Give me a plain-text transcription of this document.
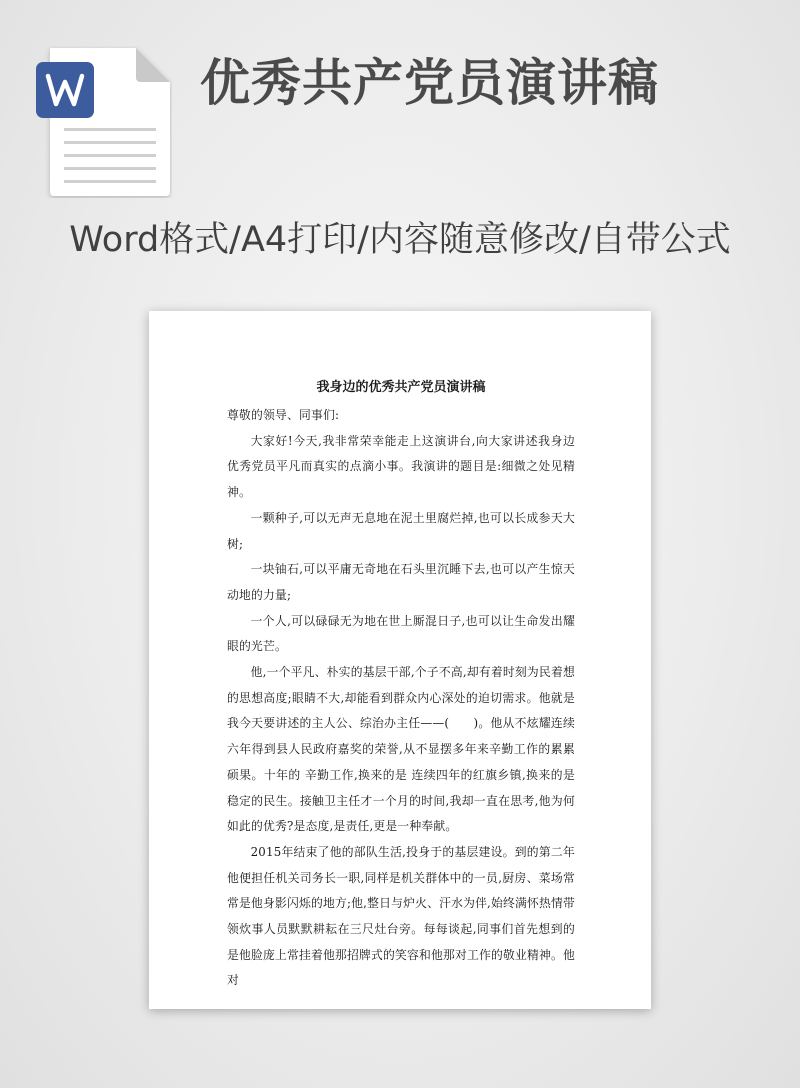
优秀共产党员演讲稿
Word格式/A4打印/内容随意修改/自带公式
我身边的优秀共产党员演讲稿

尊敬的领导、同事们:

大家好!今天,我非常荣幸能走上这演讲台,向大家讲述我身边优秀党员平凡而真实的点滴小事。我演讲的题目是:细微之处见精神。

一颗种子,可以无声无息地在泥土里腐烂掉,也可以长成参天大树;

一块铀石,可以平庸无奇地在石头里沉睡下去,也可以产生惊天动地的力量;

一个人,可以碌碌无为地在世上厮混日子,也可以让生命发出耀眼的光芒。

他,一个平凡、朴实的基层干部,个子不高,却有着时刻为民着想的思想高度;眼睛不大,却能看到群众内心深处的迫切需求。他就是我今天要讲述的主人公、综治办主任——(　　)。他从不炫耀连续六年得到县人民政府嘉奖的荣誉,从不显摆多年来辛勤工作的累累硕果。十年的 辛勤工作,换来的是 连续四年的红旗乡镇,换来的是 稳定的民生。接触卫主任才一个月的时间,我却一直在思考,他为何如此的优秀?是态度,是责任,更是一种奉献。

2015年结束了他的部队生活,投身于的基层建设。到的第二年他便担任机关司务长一职,同样是机关群体中的一员,厨房、菜场常常是他身影闪烁的地方;他,整日与炉火、汗水为伴,始终满怀热情带领炊事人员默默耕耘在三尺灶台旁。每每谈起,同事们首先想到的是他脸庞上常挂着他那招牌式的笑容和他那对工作的敬业精神。他对
